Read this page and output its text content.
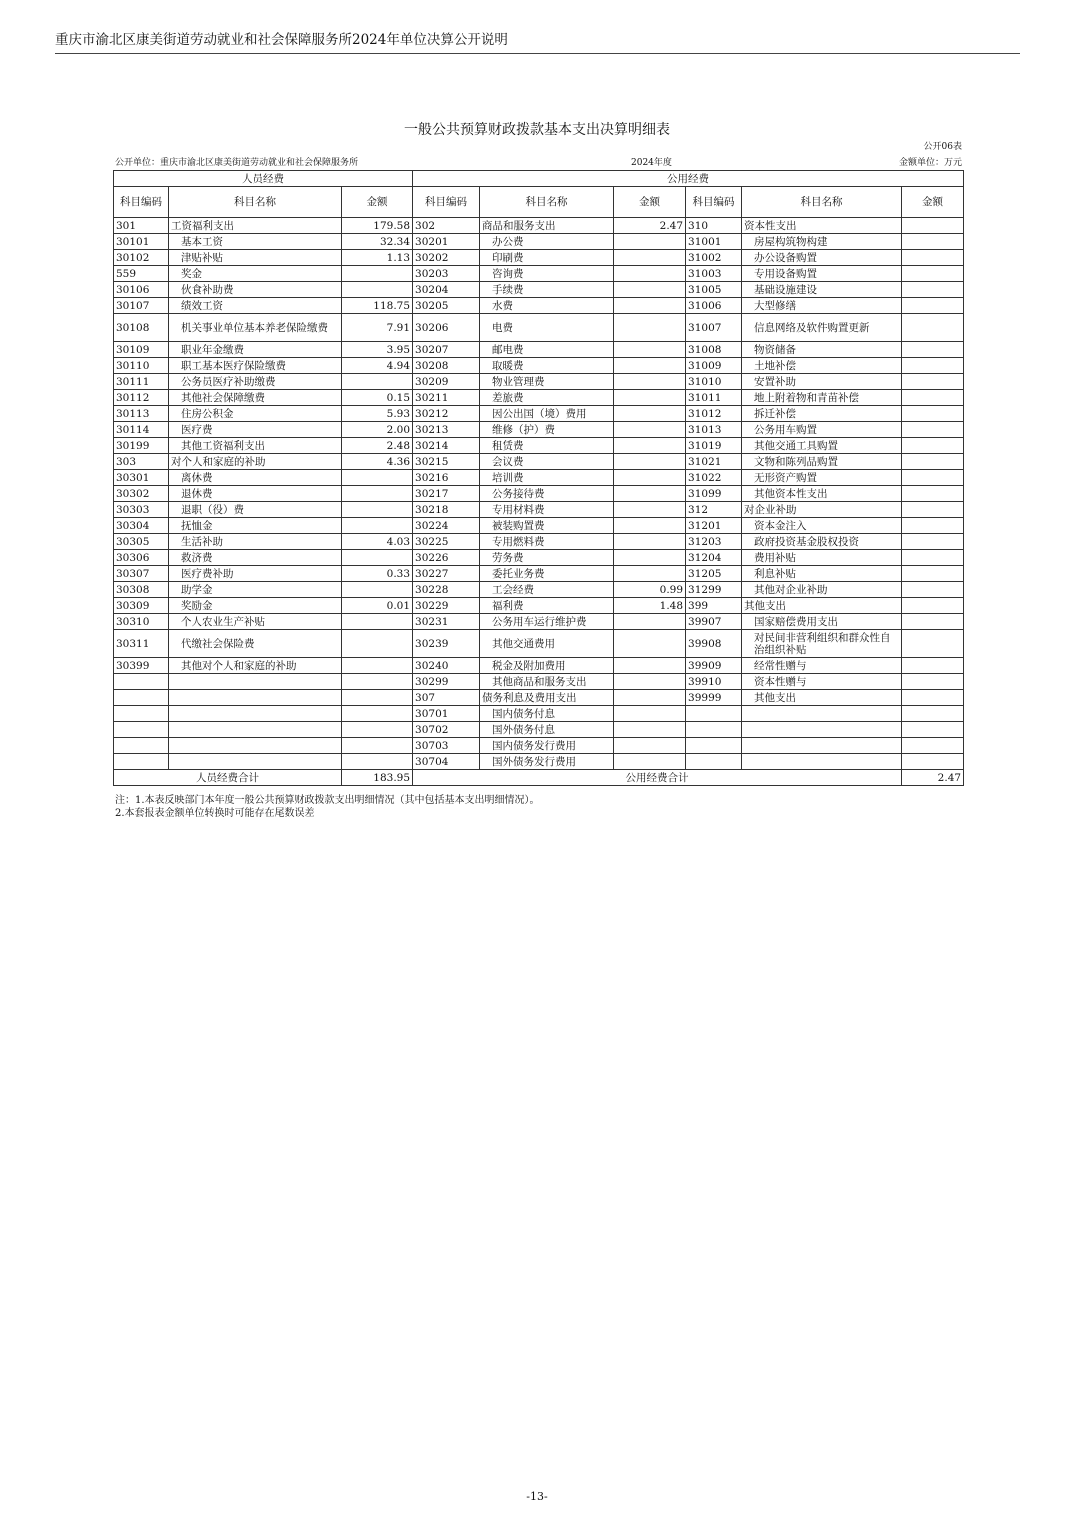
重庆市渝北区康美街道劳动就业和社会保障服务所2024年单位决算公开说明
一般公共预算财政拨款基本支出决算明细表
公开06表
公开单位：重庆市渝北区康美街道劳动就业和社会保障服务所	2024年度	金额单位：万元
人员经费			公用经费					
科目编码	科目名称	金额	科目编码	科目名称	金额	科目编码	科目名称	金额
301	工资福利支出	179.58	302	商品和服务支出	2.47	310	资本性支出	
30101	基本工资	32.34	30201	办公费		31001	房屋构筑物构建	
30102	津贴补贴	1.13	30202	印刷费		31002	办公设备购置	
559	奖金		30203	咨询费		31003	专用设备购置	
30106	伙食补助费		30204	手续费		31005	基础设施建设	
30107	绩效工资	118.75	30205	水费		31006	大型修缮	
30108	机关事业单位基本养老保险缴费	7.91	30206	电费		31007	信息网络及软件购置更新	
30109	职业年金缴费	3.95	30207	邮电费		31008	物资储备	
30110	职工基本医疗保险缴费	4.94	30208	取暖费		31009	土地补偿	
30111	公务员医疗补助缴费		30209	物业管理费		31010	安置补助	
30112	其他社会保障缴费	0.15	30211	差旅费		31011	地上附着物和青苗补偿	
30113	住房公积金	5.93	30212	因公出国（境）费用		31012	拆迁补偿	
30114	医疗费	2.00	30213	维修（护）费		31013	公务用车购置	
30199	其他工资福利支出	2.48	30214	租赁费		31019	其他交通工具购置	
303	对个人和家庭的补助	4.36	30215	会议费		31021	文物和陈列品购置	
30301	离休费		30216	培训费		31022	无形资产购置	
30302	退休费		30217	公务接待费		31099	其他资本性支出	
30303	退职（役）费		30218	专用材料费		312	对企业补助	
30304	抚恤金		30224	被装购置费		31201	资本金注入	
30305	生活补助	4.03	30225	专用燃料费		31203	政府投资基金股权投资	
30306	救济费		30226	劳务费		31204	费用补贴	
30307	医疗费补助	0.33	30227	委托业务费		31205	利息补贴	
30308	助学金		30228	工会经费	0.99	31299	其他对企业补助	
30309	奖励金	0.01	30229	福利费	1.48	399	其他支出	
30310	个人农业生产补贴		30231	公务用车运行维护费		39907	国家赔偿费用支出	
30311	代缴社会保险费		30239	其他交通费用		39908	对民间非营利组织和群众性自治组织补贴	
30399	其他对个人和家庭的补助		30240	税金及附加费用		39909	经常性赠与	
			30299	其他商品和服务支出		39910	资本性赠与	
			307	债务利息及费用支出		39999	其他支出	
			30701	国内债务付息				
			30702	国外债务付息				
			30703	国内债务发行费用				
			30704	国外债务发行费用				
人员经费合计		183.95	公用经费合计					2.47
注：1.本表反映部门本年度一般公共预算财政拨款支出明细情况（其中包括基本支出明细情况）。
2.本套报表金额单位转换时可能存在尾数误差
-13-
